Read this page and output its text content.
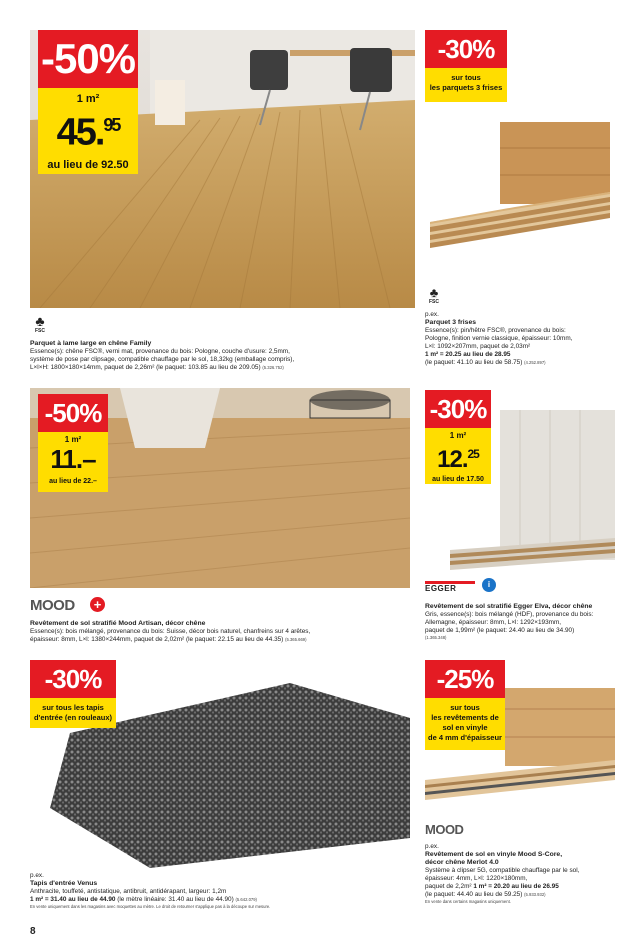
-50%
1 m²
45.95
au lieu de 92.50
♣
FSC
Parquet à lame large en chêne Family
Essence(s): chêne FSC®, verni mat, provenance du bois: Pologne, couche d'usure: 2,5mm,
système de pose par clipsage, compatible chauffage par le sol, 18,32kg (emballage compris),
L×l×H: 1800×180×14mm, paquet de 2,26m² (le paquet: 103.85 au lieu de 209.05) (5.326.752)
-30%
sur tous
les parquets 3 frises
♣
FSC
p.ex.
Parquet 3 frises
Essence(s): pin/hêtre FSC®, provenance du bois:
Pologne, finition vernie classique, épaisseur: 10mm,
L×l: 1092×207mm, paquet de 2,03m²
1 m² = 20.25 au lieu de 28.95
(le paquet: 41.10 au lieu de 58.75) (4.252.897)
-50%
1 m²
11.–
au lieu de 22.–
MOOD +
Revêtement de sol stratifié Mood Artisan, décor chêne
Essence(s): bois mélangé, provenance du bois: Suisse, décor bois naturel, chanfreins sur 4 arêtes,
épaisseur: 8mm, L×l: 1380×244mm, paquet de 2,02m² (le paquet: 22.15 au lieu de 44.35) (5.365.669)
-30%
1 m²
12.25
au lieu de 17.50
EGGER	i
Revêtement de sol stratifié Egger Elva, décor chêne
Gris, essence(s): bois mélangé (HDF), provenance du bois:
Allemagne, épaisseur: 8mm, L×l: 1292×193mm,
paquet de 1,99m² (le paquet: 24.40 au lieu de 34.90)
(1.365.348)
-30%
sur tous les tapis
d'entrée (en rouleaux)
p.ex.
Tapis d'entrée Venus
Anthracite, touffeté, antistatique, antibruit, antidérapant, largeur: 1,2m
1 m² = 31.40 au lieu de 44.90 (le mètre linéaire: 31.40 au lieu de 44.90) (5.642.079)
En vente uniquement dans les magasins avec moquettes au mètre. Le droit de retourner s'applique pas à la découpe sur mesure.
-25%
sur tous
les revêtements de
sol en vinyle
de 4 mm d'épaisseur
MOOD
p.ex.
Revêtement de sol en vinyle Mood S-Core,
décor chêne Merlot 4.0
Système à clipser 5G, compatible chauffage par le sol,
épaisseur: 4mm, L×l: 1220×180mm,
paquet de 2,2m² 1 m² = 20.20 au lieu de 26.95
(le paquet: 44.40 au lieu de 59.25) (5.933.932)
En vente dans certains magasins uniquement.
8
